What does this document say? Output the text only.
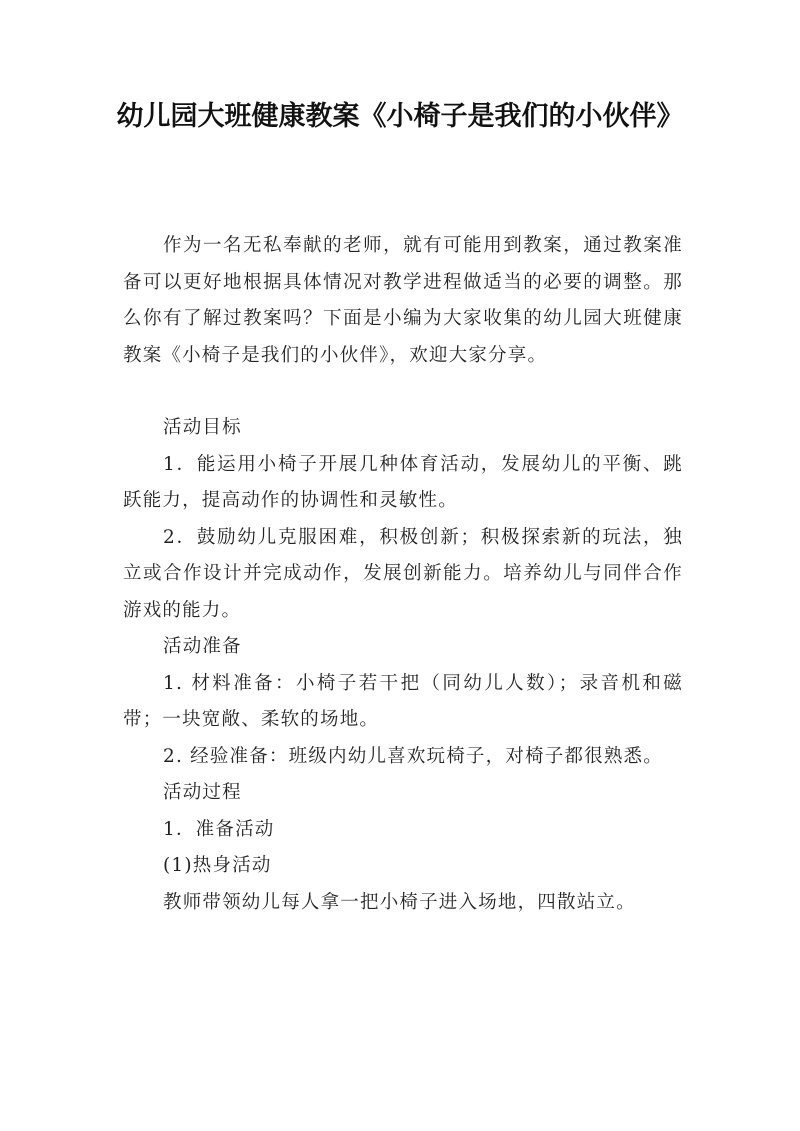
幼儿园大班健康教案《小椅子是我们的小伙伴》

作为一名无私奉献的老师，就有可能用到教案，通过教案准备可以更好地根据具体情况对教学进程做适当的必要的调整。那么你有了解过教案吗？下面是小编为大家收集的幼儿园大班健康教案《小椅子是我们的小伙伴》，欢迎大家分享。

活动目标

1．能运用小椅子开展几种体育活动，发展幼儿的平衡、跳跃能力，提高动作的协调性和灵敏性。

2．鼓励幼儿克服困难，积极创新；积极探索新的玩法，独立或合作设计并完成动作，发展创新能力。培养幼儿与同伴合作游戏的能力。

活动准备

1. 材料准备：小椅子若干把（同幼儿人数）；录音机和磁带；一块宽敞、柔软的场地。

2. 经验准备：班级内幼儿喜欢玩椅子，对椅子都很熟悉。

活动过程

1．准备活动

(1)热身活动

教师带领幼儿每人拿一把小椅子进入场地，四散站立。
